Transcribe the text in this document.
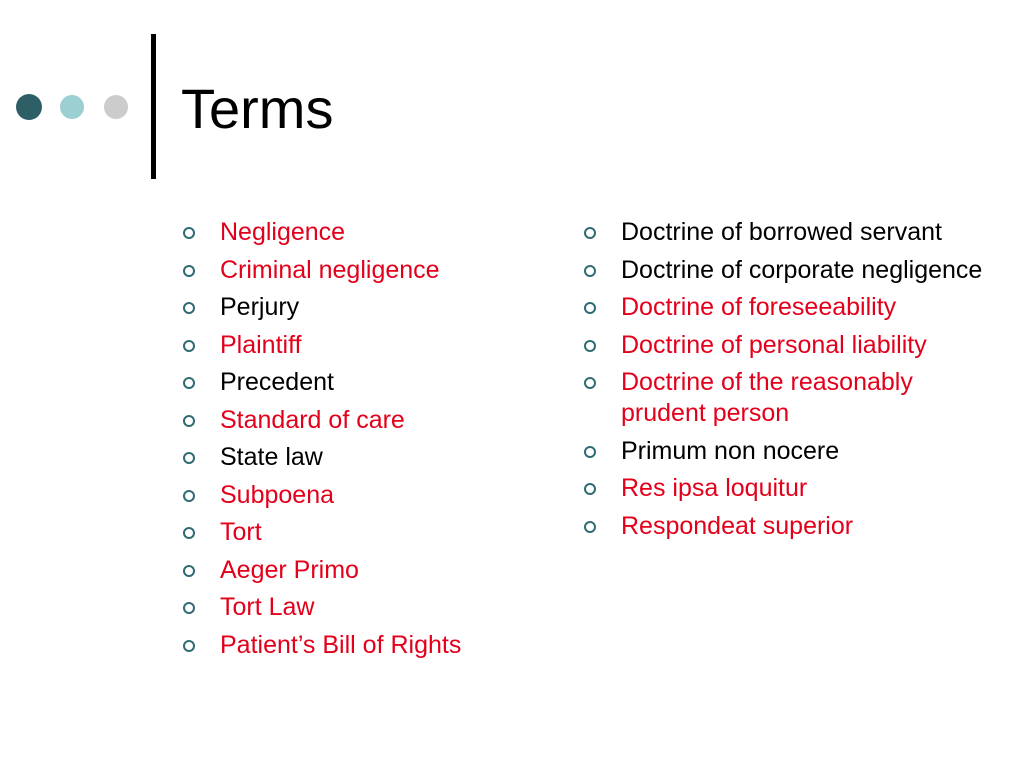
Terms
Negligence
Criminal negligence
Perjury
Plaintiff
Precedent
Standard of care
State law
Subpoena
Tort
Aeger Primo
Tort Law
Patient’s Bill of Rights
Doctrine of borrowed servant
Doctrine of corporate negligence
Doctrine of foreseeability
Doctrine of personal liability
Doctrine of the reasonably prudent person
Primum non nocere
Res ipsa loquitur
Respondeat superior
